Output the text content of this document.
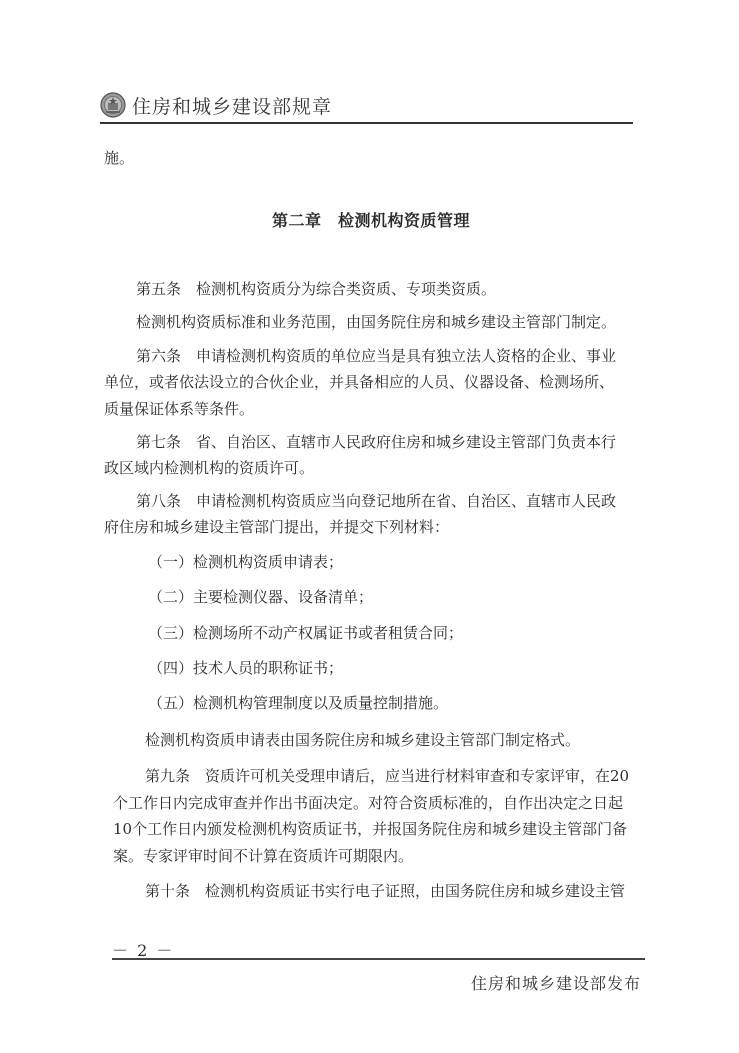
住房和城乡建设部规章
施。
第二章　检测机构资质管理
第五条　检测机构资质分为综合类资质、专项类资质。
检测机构资质标准和业务范围，由国务院住房和城乡建设主管部门制定。
第六条　申请检测机构资质的单位应当是具有独立法人资格的企业、事业
单位，或者依法设立的合伙企业，并具备相应的人员、仪器设备、检测场所、
质量保证体系等条件。
第七条　省、自治区、直辖市人民政府住房和城乡建设主管部门负责本行
政区域内检测机构的资质许可。
第八条　申请检测机构资质应当向登记地所在省、自治区、直辖市人民政
府住房和城乡建设主管部门提出，并提交下列材料：
（一）检测机构资质申请表；
（二）主要检测仪器、设备清单；
（三）检测场所不动产权属证书或者租赁合同；
（四）技术人员的职称证书；
（五）检测机构管理制度以及质量控制措施。
检测机构资质申请表由国务院住房和城乡建设主管部门制定格式。
第九条　资质许可机关受理申请后，应当进行材料审查和专家评审，在20
个工作日内完成审查并作出书面决定。对符合资质标准的，自作出决定之日起
10个工作日内颁发检测机构资质证书，并报国务院住房和城乡建设主管部门备
案。专家评审时间不计算在资质许可期限内。
第十条　检测机构资质证书实行电子证照，由国务院住房和城乡建设主管
－ 2 －
住房和城乡建设部发布
